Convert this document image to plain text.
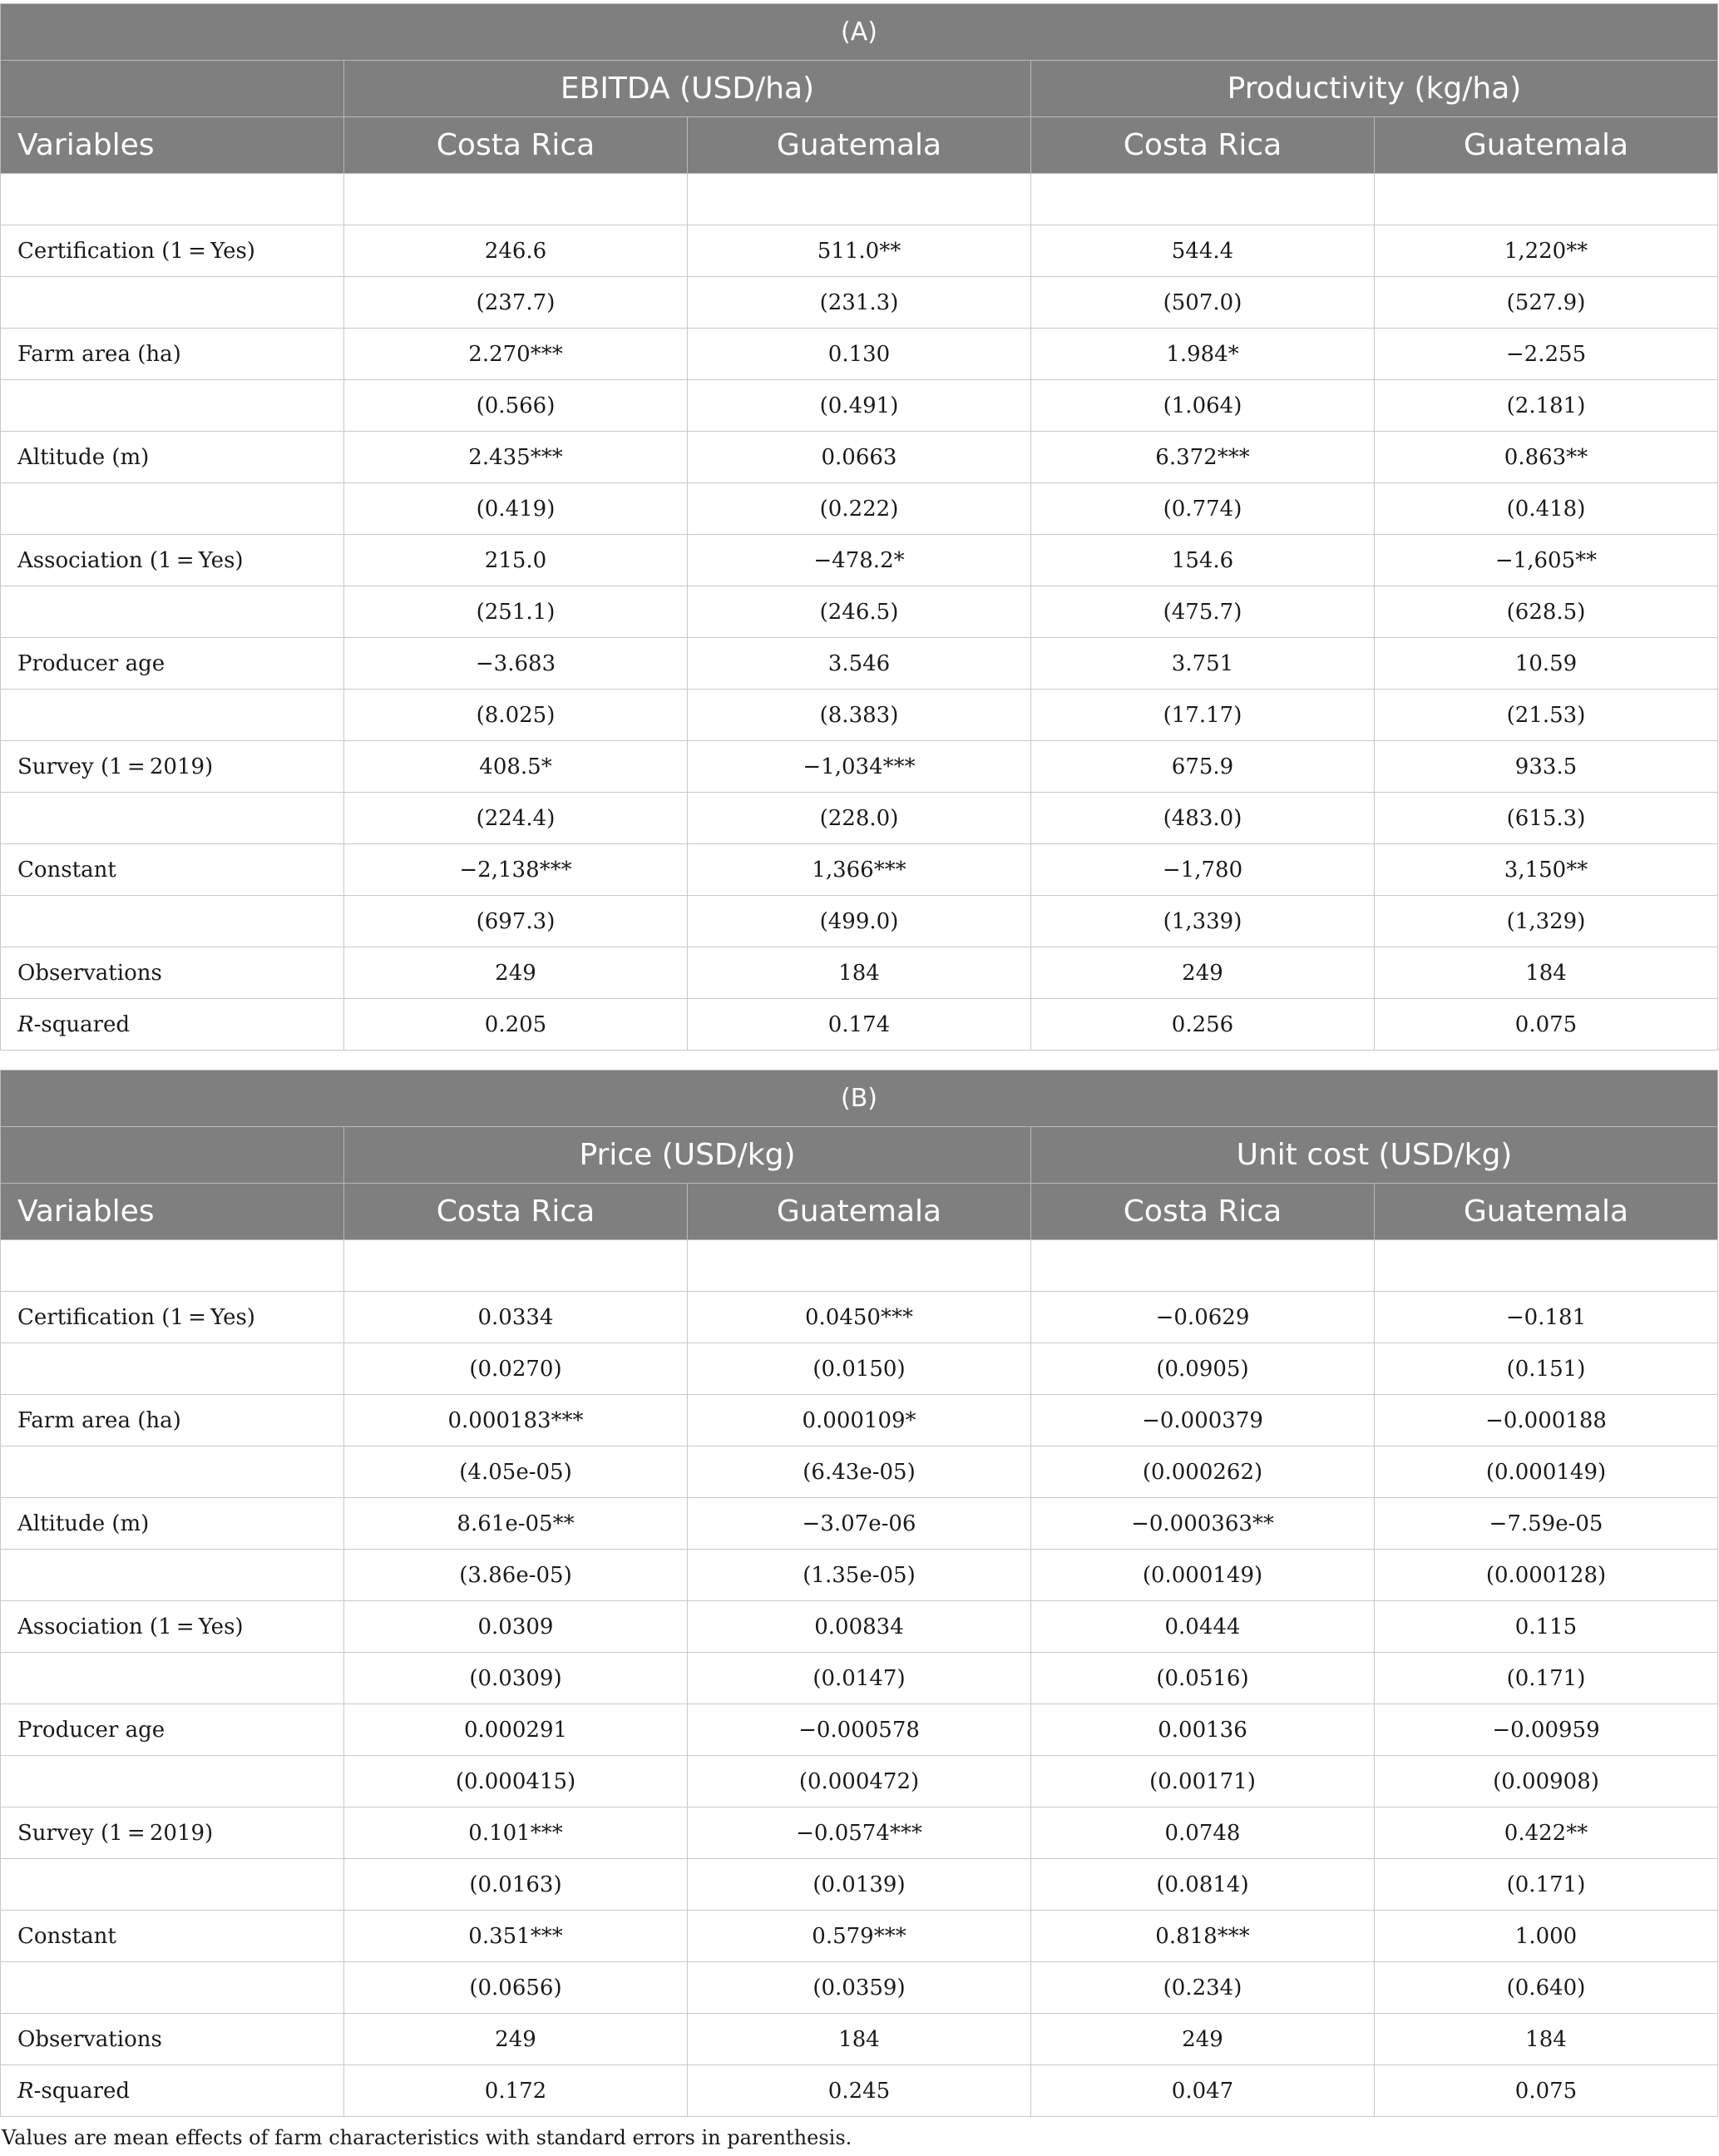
(A)				
	EBITDA (USD/ha)		Productivity (kg/ha)	
Variables	Costa Rica	Guatemala	Costa Rica	Guatemala

Certification (1 = Yes)	246.6	511.0**	544.4	1,220**
	(237.7)	(231.3)	(507.0)	(527.9)
Farm area (ha)	2.270***	0.130	1.984*	−2.255
	(0.566)	(0.491)	(1.064)	(2.181)
Altitude (m)	2.435***	0.0663	6.372***	0.863**
	(0.419)	(0.222)	(0.774)	(0.418)
Association (1 = Yes)	215.0	−478.2*	154.6	−1,605**
	(251.1)	(246.5)	(475.7)	(628.5)
Producer age	−3.683	3.546	3.751	10.59
	(8.025)	(8.383)	(17.17)	(21.53)
Survey (1 = 2019)	408.5*	−1,034***	675.9	933.5
	(224.4)	(228.0)	(483.0)	(615.3)
Constant	−2,138***	1,366***	−1,780	3,150**
	(697.3)	(499.0)	(1,339)	(1,329)
Observations	249	184	249	184
R-squared	0.205	0.174	0.256	0.075
(B)				
	Price (USD/kg)		Unit cost (USD/kg)	
Variables	Costa Rica	Guatemala	Costa Rica	Guatemala

Certification (1 = Yes)	0.0334	0.0450***	−0.0629	−0.181
	(0.0270)	(0.0150)	(0.0905)	(0.151)
Farm area (ha)	0.000183***	0.000109*	−0.000379	−0.000188
	(4.05e-05)	(6.43e-05)	(0.000262)	(0.000149)
Altitude (m)	8.61e-05**	−3.07e-06	−0.000363**	−7.59e-05
	(3.86e-05)	(1.35e-05)	(0.000149)	(0.000128)
Association (1 = Yes)	0.0309	0.00834	0.0444	0.115
	(0.0309)	(0.0147)	(0.0516)	(0.171)
Producer age	0.000291	−0.000578	0.00136	−0.00959
	(0.000415)	(0.000472)	(0.00171)	(0.00908)
Survey (1 = 2019)	0.101***	−0.0574***	0.0748	0.422**
	(0.0163)	(0.0139)	(0.0814)	(0.171)
Constant	0.351***	0.579***	0.818***	1.000
	(0.0656)	(0.0359)	(0.234)	(0.640)
Observations	249	184	249	184
R-squared	0.172	0.245	0.047	0.075
Values are mean effects of farm characteristics with standard errors in parenthesis.
